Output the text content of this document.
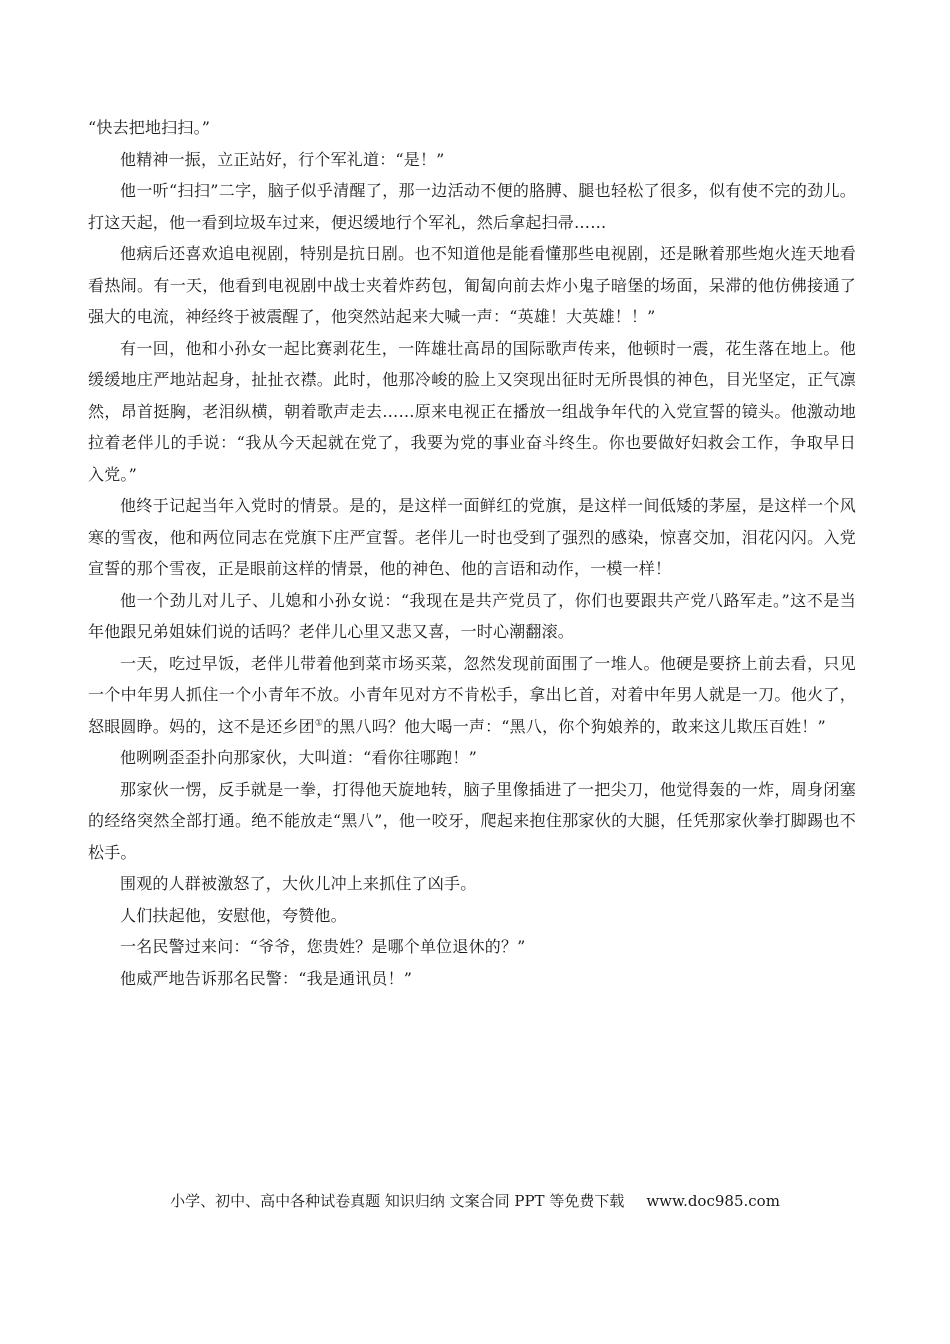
“快去把地扫扫。”

他精神一振，立正站好，行个军礼道：“是！”

他一听“扫扫”二字，脑子似乎清醒了，那一边活动不便的胳膊、腿也轻松了很多，似有使不完的劲儿。打这天起，他一看到垃圾车过来，便迟缓地行个军礼，然后拿起扫帚……

他病后还喜欢追电视剧，特别是抗日剧。也不知道他是能看懂那些电视剧，还是瞅着那些炮火连天地看看热闹。有一天，他看到电视剧中战士夹着炸药包，匍匐向前去炸小鬼子暗堡的场面，呆滞的他仿佛接通了强大的电流，神经终于被震醒了，他突然站起来大喊一声：“英雄！大英雄！！”

有一回，他和小孙女一起比赛剥花生，一阵雄壮高昂的国际歌声传来，他顿时一震，花生落在地上。他缓缓地庄严地站起身，扯扯衣襟。此时，他那冷峻的脸上又突现出征时无所畏惧的神色，目光坚定，正气凛然，昂首挺胸，老泪纵横，朝着歌声走去……原来电视正在播放一组战争年代的入党宣誓的镜头。他激动地拉着老伴儿的手说：“我从今天起就在党了，我要为党的事业奋斗终生。你也要做好妇救会工作，争取早日入党。”

他终于记起当年入党时的情景。是的，是这样一面鲜红的党旗，是这样一间低矮的茅屋，是这样一个风寒的雪夜，他和两位同志在党旗下庄严宣誓。老伴儿一时也受到了强烈的感染，惊喜交加，泪花闪闪。入党宣誓的那个雪夜，正是眼前这样的情景，他的神色、他的言语和动作，一模一样！

他一个劲儿对儿子、儿媳和小孙女说：“我现在是共产党员了，你们也要跟共产党八路军走。”这不是当年他跟兄弟姐妹们说的话吗？老伴儿心里又悲又喜，一时心潮翻滚。

一天，吃过早饭，老伴儿带着他到菜市场买菜，忽然发现前面围了一堆人。他硬是要挤上前去看，只见一个中年男人抓住一个小青年不放。小青年见对方不肯松手，拿出匕首，对着中年男人就是一刀。他火了，怒眼圆睁。妈的，这不是还乡团①的黑八吗？他大喝一声：“黑八，你个狗娘养的，敢来这儿欺压百姓！”

他咧咧歪歪扑向那家伙，大叫道：“看你往哪跑！”

那家伙一愣，反手就是一拳，打得他天旋地转，脑子里像插进了一把尖刀，他觉得轰的一炸，周身闭塞的经络突然全部打通。绝不能放走“黑八”，他一咬牙，爬起来抱住那家伙的大腿，任凭那家伙拳打脚踢也不松手。

围观的人群被激怒了，大伙儿冲上来抓住了凶手。

人们扶起他，安慰他，夸赞他。

一名民警过来问：“爷爷，您贵姓？是哪个单位退休的？”

他威严地告诉那名民警：“我是通讯员！”

小学、初中、高中各种试卷真题 知识归纳 文案合同 PPT 等免费下载 www.doc985.com
